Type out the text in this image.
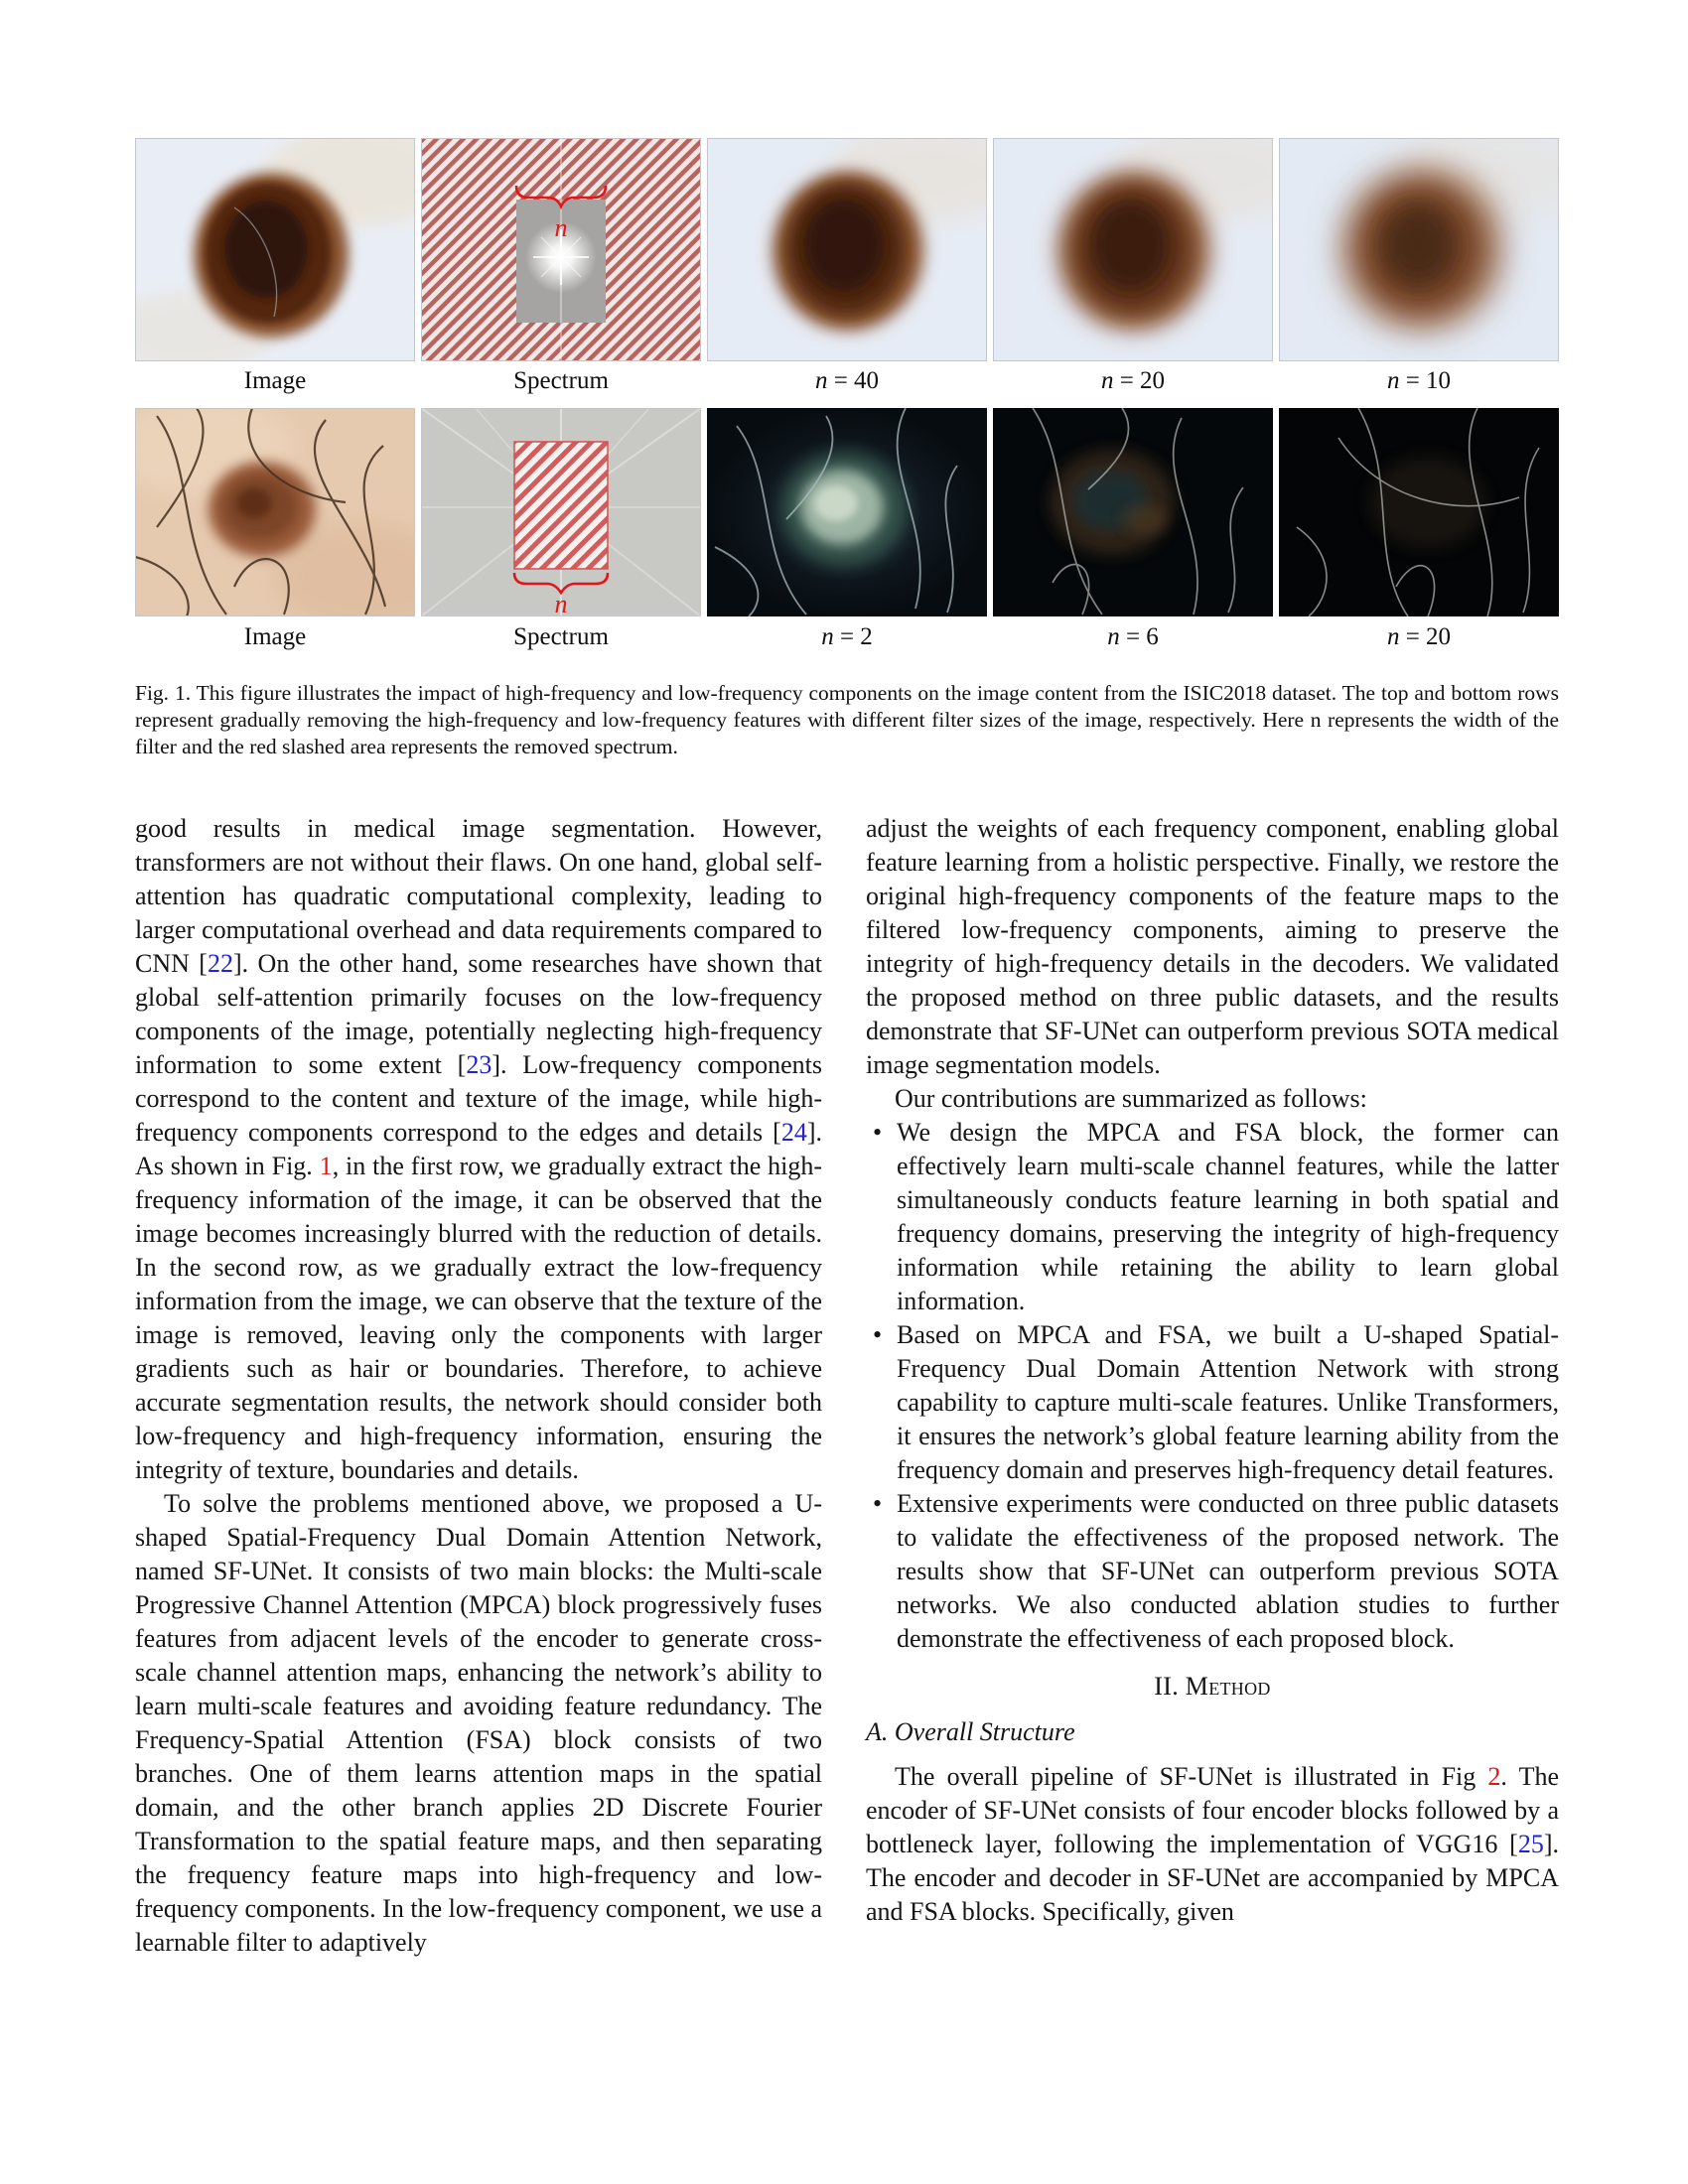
n
Image	Spectrum	n = 40	n = 20	n = 10
n
Image	Spectrum	n = 2	n = 6	n = 20
Fig. 1. This figure illustrates the impact of high-frequency and low-frequency components on the image content from the ISIC2018 dataset. The top and bottom rows represent gradually removing the high-frequency and low-frequency features with different filter sizes of the image, respectively. Here n represents the width of the filter and the red slashed area represents the removed spectrum.

good results in medical image segmentation. However, transformers are not without their flaws. On one hand, global self-attention has quadratic computational complexity, leading to larger computational overhead and data requirements compared to CNN [22]. On the other hand, some researches have shown that global self-attention primarily focuses on the low-frequency components of the image, potentially neglecting high-frequency information to some extent [23]. Low-frequency components correspond to the content and texture of the image, while high-frequency components correspond to the edges and details [24]. As shown in Fig. 1, in the first row, we gradually extract the high-frequency information of the image, it can be observed that the image becomes increasingly blurred with the reduction of details. In the second row, as we gradually extract the low-frequency information from the image, we can observe that the texture of the image is removed, leaving only the components with larger gradients such as hair or boundaries. Therefore, to achieve accurate segmentation results, the network should consider both low-frequency and high-frequency information, ensuring the integrity of texture, boundaries and details.

To solve the problems mentioned above, we proposed a U-shaped Spatial-Frequency Dual Domain Attention Network, named SF-UNet. It consists of two main blocks: the Multi-scale Progressive Channel Attention (MPCA) block progressively fuses features from adjacent levels of the encoder to generate cross-scale channel attention maps, enhancing the network’s ability to learn multi-scale features and avoiding feature redundancy. The Frequency-Spatial Attention (FSA) block consists of two branches. One of them learns attention maps in the spatial domain, and the other branch applies 2D Discrete Fourier Transformation to the spatial feature maps, and then separating the frequency feature maps into high-frequency and low-frequency components. In the low-frequency component, we use a learnable filter to adaptively

adjust the weights of each frequency component, enabling global feature learning from a holistic perspective. Finally, we restore the original high-frequency components of the feature maps to the filtered low-frequency components, aiming to preserve the integrity of high-frequency details in the decoders. We validated the proposed method on three public datasets, and the results demonstrate that SF-UNet can outperform previous SOTA medical image segmentation models.

Our contributions are summarized as follows:

• We design the MPCA and FSA block, the former can effectively learn multi-scale channel features, while the latter simultaneously conducts feature learning in both spatial and frequency domains, preserving the integrity of high-frequency information while retaining the ability to learn global information.
• Based on MPCA and FSA, we built a U-shaped Spatial-Frequency Dual Domain Attention Network with strong capability to capture multi-scale features. Unlike Transformers, it ensures the network’s global feature learning ability from the frequency domain and preserves high-frequency detail features.
• Extensive experiments were conducted on three public datasets to validate the effectiveness of the proposed network. The results show that SF-UNet can outperform previous SOTA networks. We also conducted ablation studies to further demonstrate the effectiveness of each proposed block.
II. Method
A. Overall Structure

The overall pipeline of SF-UNet is illustrated in Fig 2. The encoder of SF-UNet consists of four encoder blocks followed by a bottleneck layer, following the implementation of VGG16 [25]. The encoder and decoder in SF-UNet are accompanied by MPCA and FSA blocks. Specifically, given
